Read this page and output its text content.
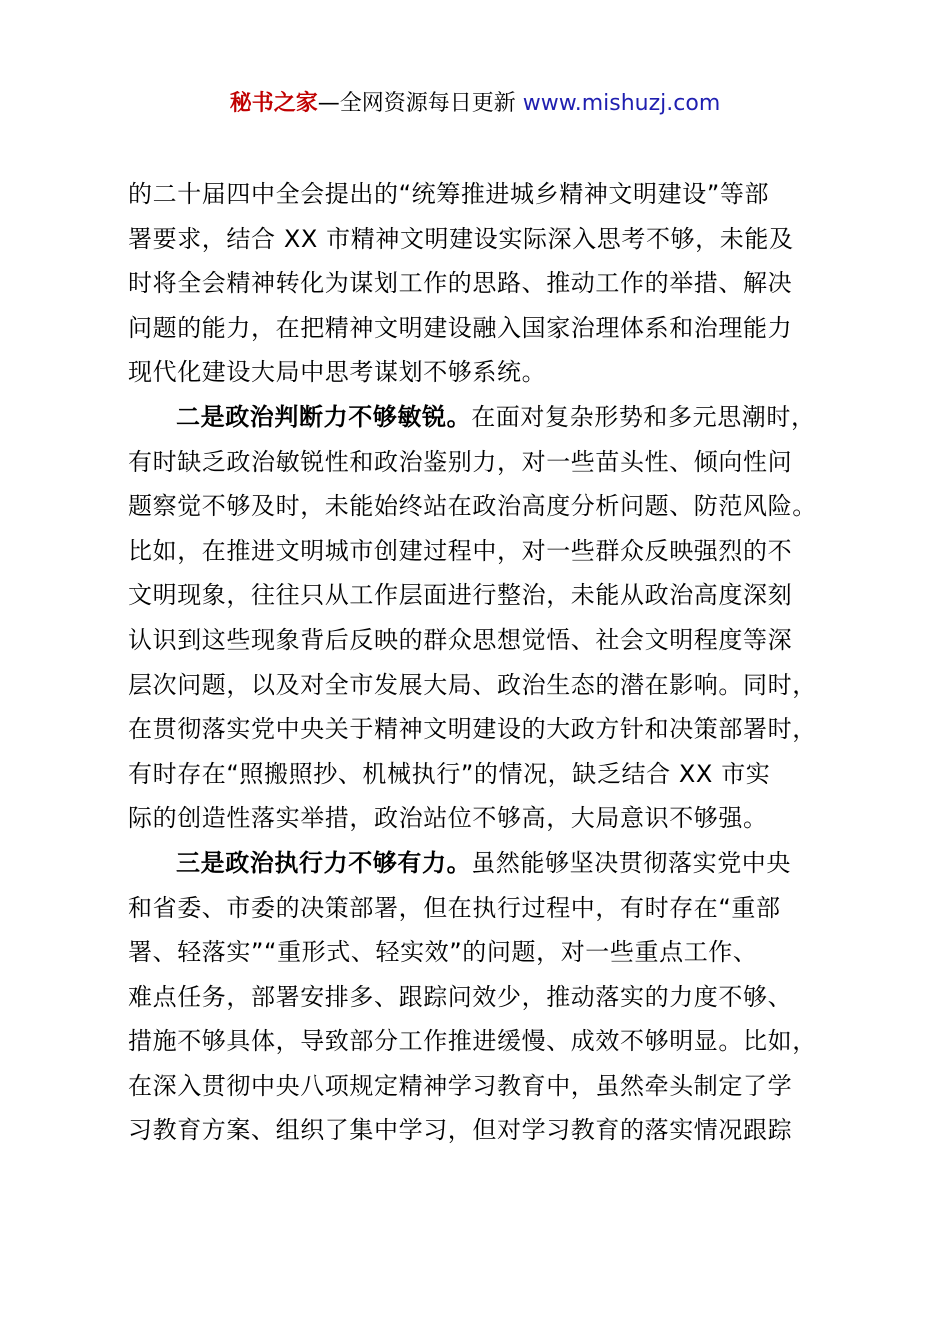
秘书之家—全网资源每日更新 www.mishuzj.com
的二十届四中全会提出的“统筹推进城乡精神文明建设”等部
署要求，结合 XX 市精神文明建设实际深入思考不够，未能及
时将全会精神转化为谋划工作的思路、推动工作的举措、解决
问题的能力，在把精神文明建设融入国家治理体系和治理能力
现代化建设大局中思考谋划不够系统。
二是政治判断力不够敏锐。在面对复杂形势和多元思潮时，
有时缺乏政治敏锐性和政治鉴别力，对一些苗头性、倾向性问
题察觉不够及时，未能始终站在政治高度分析问题、防范风险。
比如，在推进文明城市创建过程中，对一些群众反映强烈的不
文明现象，往往只从工作层面进行整治，未能从政治高度深刻
认识到这些现象背后反映的群众思想觉悟、社会文明程度等深
层次问题，以及对全市发展大局、政治生态的潜在影响。同时，
在贯彻落实党中央关于精神文明建设的大政方针和决策部署时，
有时存在“照搬照抄、机械执行”的情况，缺乏结合 XX 市实
际的创造性落实举措，政治站位不够高，大局意识不够强。
三是政治执行力不够有力。虽然能够坚决贯彻落实党中央
和省委、市委的决策部署，但在执行过程中，有时存在“重部
署、轻落实”“重形式、轻实效”的问题，对一些重点工作、
难点任务，部署安排多、跟踪问效少，推动落实的力度不够、
措施不够具体，导致部分工作推进缓慢、成效不够明显。比如，
在深入贯彻中央八项规定精神学习教育中，虽然牵头制定了学
习教育方案、组织了集中学习，但对学习教育的落实情况跟踪
